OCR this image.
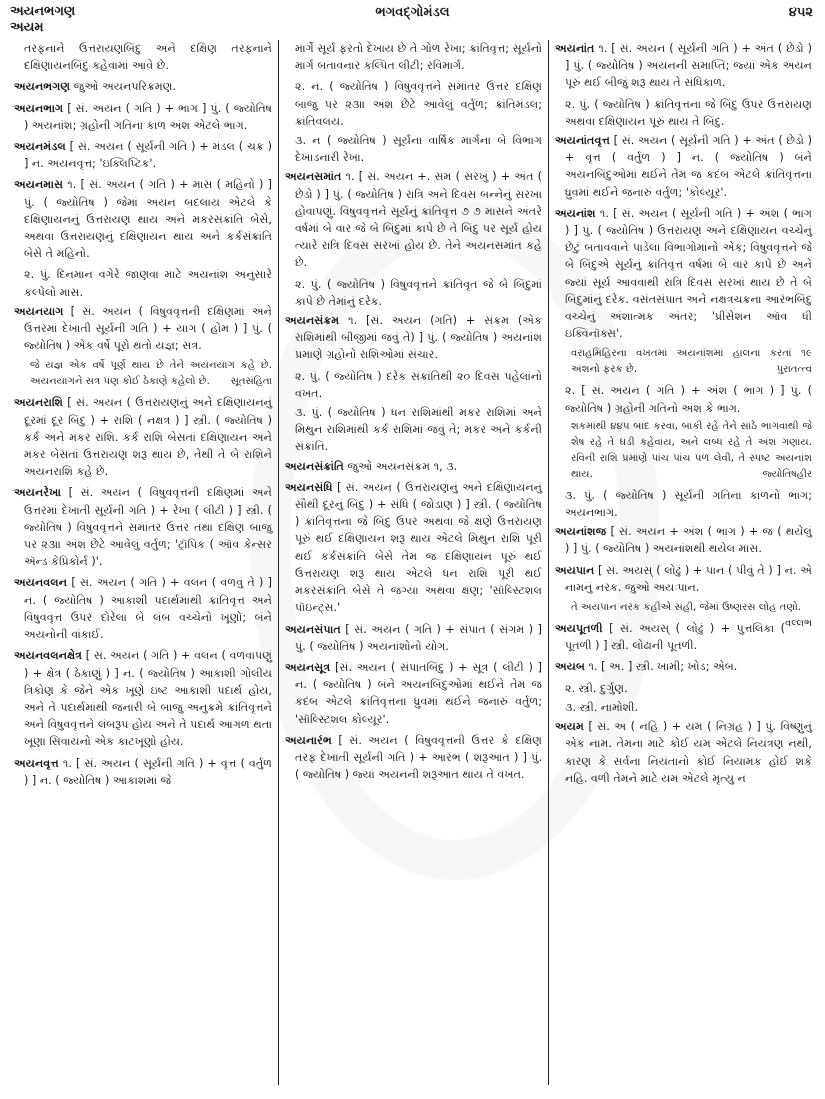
અયનભગણ
અયમ
ભગવદ્ગોમંડલ	૪૫૨

તરફનાને ઉત્તરાયણબિંદુ અને દક્ષિણ તરફનાને દક્ષિણાયનબિંદુ કહેવામાં આવે છે.

અયનભગણ જુઓ અયનપરિક્રમણ.

અયનભાગ [ સં. અયન ( ગતિ ) + ભાગ ] પું. ( જ્યોતિષ ) અયનાંશ; ગ્રહોની ગતિના કાળ અંશ એટલે ભાગ.

અયનમંડલ [ સં. અયન ( સૂર્યની ગતિ ) + મંડલ ( ચક્ર ) ] ન. અયનવૃત્ત; 'ઇક્લિપ્ટિક'.

અયનમાસ ૧. [ સં. અયન ( ગતિ ) + માસ ( મહિનો ) ] પું. ( જ્યોતિષ ) જેમાં અયન બદલાય એટલે કે દક્ષિણાયનનું ઉત્તરાયણ થાય અને મકરસંક્રાંતિ બેસે, અથવા ઉત્તરાયણનું દક્ષિણાયન થાય અને કર્કસંક્રાંતિ બેસે તે મહિનો.

૨. પું. દિનમાન વગેરે જાણવા માટે અયનાંશ અનુસારે કલ્પેલો માસ.

અયનયાગ [ સં. અયન ( વિષુવવૃત્તની દક્ષિણમાં અને ઉત્તરમાં દેખાતી સૂર્યની ગતિ ) + યાગ ( હોમ ) ] પું. ( જ્યોતિષ ) એક વર્ષે પૂરો થતો યજ્ઞ; સત્ર.

જે યજ્ઞ એક વર્ષે પૂર્ણ થાય છે તેને અયનયાગ કહે છે. અયનયાગને સત્ર પણ કોઈ ઠેકાણે કહેલો છે. સૂતસંહિતા

અયનરાશિ [ સં. અયન ( ઉત્તરાયણનું અને દક્ષિણાયનનું દૂરમાં દૂર બિંદુ ) + રાશિ ( નક્ષત્ર ) ] સ્ત્રી. ( જ્યોતિષ ) કર્ક અને મકર રાશિ. કર્ક રાશિ બેસતાં દક્ષિણાયન અને મકર બેસતાં ઉત્તરાયણ શરૂ થાય છે, તેથી તે બે રાશિને અયનરાશિ કહે છે.

અયનરેખા [ સં. અયન ( વિષુવવૃત્તની દક્ષિણમાં અને ઉત્તરમાં દેખાતી સૂર્યની ગતિ ) + રેખા ( લીટી ) ] સ્ત્રી. ( જ્યોતિષ ) વિષુવવૃત્તને સમાંતર ઉત્તર તથા દક્ષિણ બાજુ પર ૨૩॥ અંશ છેટે આવેલું વર્તુળ; 'ટ્રૉપિક ( ઑવ કેન્સર ઍન્ડ કેપ્રિકોર્ન )'.

અયનવલન [ સં. અયન ( ગતિ ) + વલન ( વળવું તે ) ] ન. ( જ્યોતિષ ) આકાશી પદાર્થમાંથી ક્રાંતિવૃત્ત અને વિષુવવૃત્ત ઉપર દોરેલા બે લંબ વચ્ચેનો ખૂણો; બંને અયનોની વાંકાઈ.

અયનવલનક્ષેત્ર [ સં. અયન ( ગતિ ) + વલન ( વળવાપણું ) + ક્ષેત્ર ( ઠેકાણું ) ] ન. ( જ્યોતિષ ) આકાશી ગોલીય ત્રિકોણ કે જેને એક ખૂણે ઇષ્ટ આકાશી પદાર્થ હોય, અને તે પદાર્થમાંથી જનારી બે બાજુ અનુક્રમે ક્રાંતિવૃત્તને અને વિષુવવૃત્તને લંબરૂપ હોય અને તે પદાર્થ આગળ થતા ખૂણા સિવાયનો એક કાટખૂણો હોય.

અયનવૃત્ત ૧. [ સં. અયન ( સૂર્યની ગતિ ) + વૃત્ત ( વર્તુળ ) ] ન. ( જ્યોતિષ ) આકાશમાં જે

માર્ગે સૂર્ય ફરતો દેખાય છે તે ગોળ રેખા; ક્રાંતિવૃત્ત; સૂર્યનો માર્ગ બતાવનાર કલ્પિત લીટી; રવિમાર્ગ.

૨. ન. ( જ્યોતિષ ) વિષુવવૃત્તને સમાંતર ઉત્તર દક્ષિણ બાજુ પર ૨૩॥ અંશ છેટે આવેલું વર્તુળ; ક્રાંતિમંડલ; ક્રાંતિવલય.

૩. ન ( જ્યોતિષ ) સૂર્યના વાર્ષિક માર્ગના બે વિભાગ દેખાડનારી રેખા.

અયનસમાંત ૧. [ સં. અયન +. સમ ( સરખું ) + અંત ( છેડો ) ] પું. ( જ્યોતિષ ) રાત્રિ અને દિવસ બન્નેનું સરખા હોવાપણું. વિષુવવૃત્તને સૂર્યનું ક્રાંતિવૃત્ત ૭ ૭ માસને અંતરે વર્ષમાં બે વાર જે બે બિંદુમાં કાપે છે તે બિંદુ પર સૂર્ય હોય ત્યારે રાત્રિ દિવસ સરખાં હોય છે. તેને અયનસમાંત કહે છે.

૨. પું. ( જ્યોતિષ ) વિષુવવૃત્તને ક્રાંતિવૃત જે બે બિંદુમાં કાપે છે તેમાંનું દરેક.

અયનસંક્રમ ૧. [સં. અયન (ગતિ) + સંક્રમ (એક રાશિમાંથી બીજીમાં જવું તે) ] પું. ( જ્યોતિષ ) અયનાંશ પ્રમાણે ગ્રહોનો રાશિઓમાં સંચાર.

૨. પું. ( જ્યોતિષ ) દરેક સંક્રાંતિથી ૨૦ દિવસ પહેલાંનો વખત.

૩. પું. ( જ્યોતિષ ) ધન રાશિમાંથી મકર રાશિમાં અને મિથુન રાશિમાંથી કર્ક રાશિમાં જવું તે; મકર અને કર્કની સંક્રાંતિ.

અયનસંક્રાંતિ જુઓ અયનસંક્રમ ૧, ૩.

અયનસંધિ [ સં. અયન ( ઉત્તરાયણનું અને દક્ષિણાયનનું સૌથી દૂરનું બિંદુ ) + સંધિ ( જોડાણ ) ] સ્ત્રી. ( જ્યોતિષ ) ક્રાંતિવૃત્તના જે બિંદુ ઉપર અથવા જે ક્ષણે ઉત્તરાયણ પૂરું થઈ દક્ષિણાયન શરૂ થાય એટલે મિથુન રાશિ પૂરી થઈ કર્કસંક્રાંતિ બેસે તેમ જ દક્ષિણાયન પૂરું થઈ ઉત્તરાયણ શરૂ થાય એટલે ધન રાશિ પૂરી થઈ મકરસંક્રાંતિ બેસે તે જગ્યા અથવા ક્ષણ; 'સૉલ્સ્ટિશલ પૉઇન્ટ્સ.'

અયનસંપાત [ સં. અયન ( ગતિ ) + સંપાત ( સંગમ ) ] પું. ( જ્યોતિષ ) અયનાંશોનો યોગ.

અયનસૂત્ર [સં. અયન ( સંપાતબિંદુ ) + સૂત્ર ( લીટી ) ] ન. ( જ્યોતિષ ) બંને અયનબિંદુઓમાં થઈને તેમ જ કદંબ એટલે ક્રાંતિવૃત્તના ધ્રુવમાં થઈને જનારું વર્તુળ; 'સૉલ્સ્ટિશલ કોલ્યૂર'.

અયનારંભ [ સં. અયન ( વિષુવવૃત્તની ઉત્તર કે દક્ષિણ તરફ દેખાતી સૂર્યની ગતિ ) + આરંભ ( શરૂઆત ) ] પું. ( જ્યોતિષ ) જ્યાં અયનની શરૂઆત થાય તે વખત.

અયનાંત ૧. [ સં. અયન ( સૂર્યની ગતિ ) + અંત ( છેડો ) ] પું. ( જ્યોતિષ ) અયનની સમાપ્તિ; જ્યાં એક અયન પૂરું થઈ બીજું શરૂ થાય તે સંધિકાળ.

૨. પું. ( જ્યોતિષ ) ક્રાંતિવૃત્તના જે બિંદુ ઉપર ઉત્તરાયણ અથવા દક્ષિણાયન પૂરું થાય તે બિંદુ.

અયનાંતવૃત્ત [ સં. અયન ( સૂર્યની ગતિ ) + અંત ( છેડો ) + વૃત્ત ( વર્તુળ ) ] ન. ( જ્યોતિષ ) બંને અયનબિંદુઓમાં થઈને તેમ જ કદંબ એટલે ક્રાંતિવૃત્તના ધ્રુવમાં થઈને જનારું વર્તુળ; 'કોલ્યૂર'.

અયનાંશ ૧. [ સં. અયન ( સૂર્યની ગતિ ) + અંશ ( ભાગ ) ] પું. ( જ્યોતિષ ) ઉત્તરાયણ અને દક્ષિણાયન વચ્ચેનું છેટું બતાવવાને પાડેલા વિભાગોમાંનો એક; વિષુવવૃત્તને જે બે બિંદુએ સૂર્યનું ક્રાંતિવૃત્ત વર્ષમાં બે વાર કાપે છે અને જ્યાં સૂર્ય આવવાથી રાત્રિ દિવસ સરખાં થાય છે તે બે બિંદુમાંનું દરેક. વસંતસંપાત અને નક્ષત્રચક્રના આરંભબિંદુ વચ્ચેનું અંશાત્મક અંતર; 'પ્રીસેશન ઑવ ધી ઇક્વિનૉક્સ'.

વરાહમિહિરના વખતમાં અયનાંશમાં હાલના કરતાં ૧૯ અંશનો ફરક છે.	પુરાતત્ત્વ

૨. [ સં. અયન ( ગતિ ) + અંશ ( ભાગ ) ] પું. ( જ્યોતિષ ) ગ્રહોની ગતિનો અંશ કે ભાગ.

શકમાંથી ૪૪૫ બાદ કરવા, બાકી રહે તેને સાઠે ભાગવાથી જે શેષ રહે તે ઘડી કહેવાય, અને લબ્ધ રહે તે અંશ ગણાય. રવિની રાશિ પ્રમાણે પાંચ પાંચ પળ લેવી, તે સ્પષ્ટ અયનાંશ થાય.	જ્યોતિષહીર

૩. પું. ( જ્યોતિષ ) સૂર્યની ગતિના કાળનો ભાગ; અયનભાગ.

અયનાંશજ [ સં. અયન + અંશ ( ભાગ ) + જ ( થયેલું ) ] પું. ( જ્યોતિષ ) અયનાંશથી થયેલ માસ.

અયપાન [ સં. અયસ્ ( લોઢું ) + પાન ( પીવું તે ) ] ન. એ નામનું નરક. જુઓ અયઃપાન.

તે અયપાન નરક કહીએ સહી, જેમાં ઉષ્ણરસ લોહ તણો.
વલ્લભ

અયપૂતળી [ સં. અયસ્ ( લોઢું ) + પુત્તલિકા ( પૂતળી ) ] સ્ત્રી. લોઢાની પૂતળી.

અયબ ૧. [ અ. ] સ્ત્રી. ખામી; ખોડ; એબ.

૨. સ્ત્રી. દુર્ગુણ.

૩. સ્ત્રી. નામોશી.

અયમ [ સં. અ ( નહિ ) + યમ ( નિગ્રહ ) ] પું. વિષ્ણુનું એક નામ. તેમના માટે કોઈ યમ એટલે નિયંત્રણ નથી, કારણ કે સર્વના નિયંતાનો કોઈ નિયામક હોઈ શકે નહિ. વળી તેમને માટે યમ એટલે મૃત્યુ ન
